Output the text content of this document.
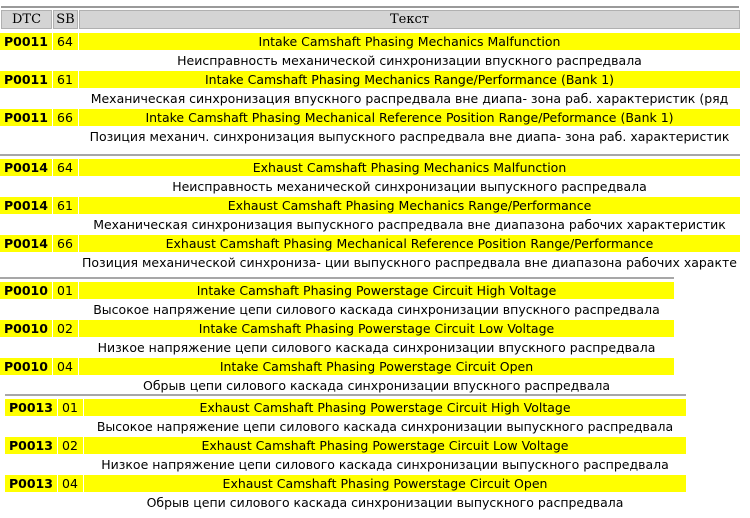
DTC	SB	Текст
P0011 64	Intake Camshaft Phasing Mechanics Malfunction
Неисправность механической синхронизации впускного распредвала
P0011 61	Intake Camshaft Phasing Mechanics Range/Performance (Bank 1)
Механическая синхронизация впускного распредвала вне диапа- зона раб. характеристик (ряд
P0011 66	Intake Camshaft Phasing Mechanical Reference Position Range/Peformance (Bank 1)
Позиция механич. синхронизация выпускного распредвала вне диапа- зона раб. характеристик
P0014 64	Exhaust Camshaft Phasing Mechanics Malfunction
Неисправность механической синхронизации выпускного распредвала
P0014 61	Exhaust Camshaft Phasing Mechanics Range/Performance
Механическая синхронизация выпускного распредвала вне диапазона рабочих характеристик
P0014 66	Exhaust Camshaft Phasing Mechanical Reference Position Range/Performance
Позиция механической синхрониза- ции выпускного распредвала вне диапазона рабочих характе
P0010 01	Intake Camshaft Phasing Powerstage Circuit High Voltage
Высокое напряжение цепи силового каскада синхронизации впускного распредвала
P0010 02	Intake Camshaft Phasing Powerstage Circuit Low Voltage
Низкое напряжение цепи силового каскада синхронизации впускного распредвала
P0010 04	Intake Camshaft Phasing Powerstage Circuit Open
Обрыв цепи силового каскада синхронизации впускного распредвала
P0013 01	Exhaust Camshaft Phasing Powerstage Circuit High Voltage
Высокое напряжение цепи силового каскада синхронизации выпускного распредвала
P0013 02	Exhaust Camshaft Phasing Powerstage Circuit Low Voltage
Низкое напряжение цепи силового каскада синхронизации выпускного распредвала
P0013 04	Exhaust Camshaft Phasing Powerstage Circuit Open
Обрыв цепи силового каскада синхронизации выпускного распредвала
